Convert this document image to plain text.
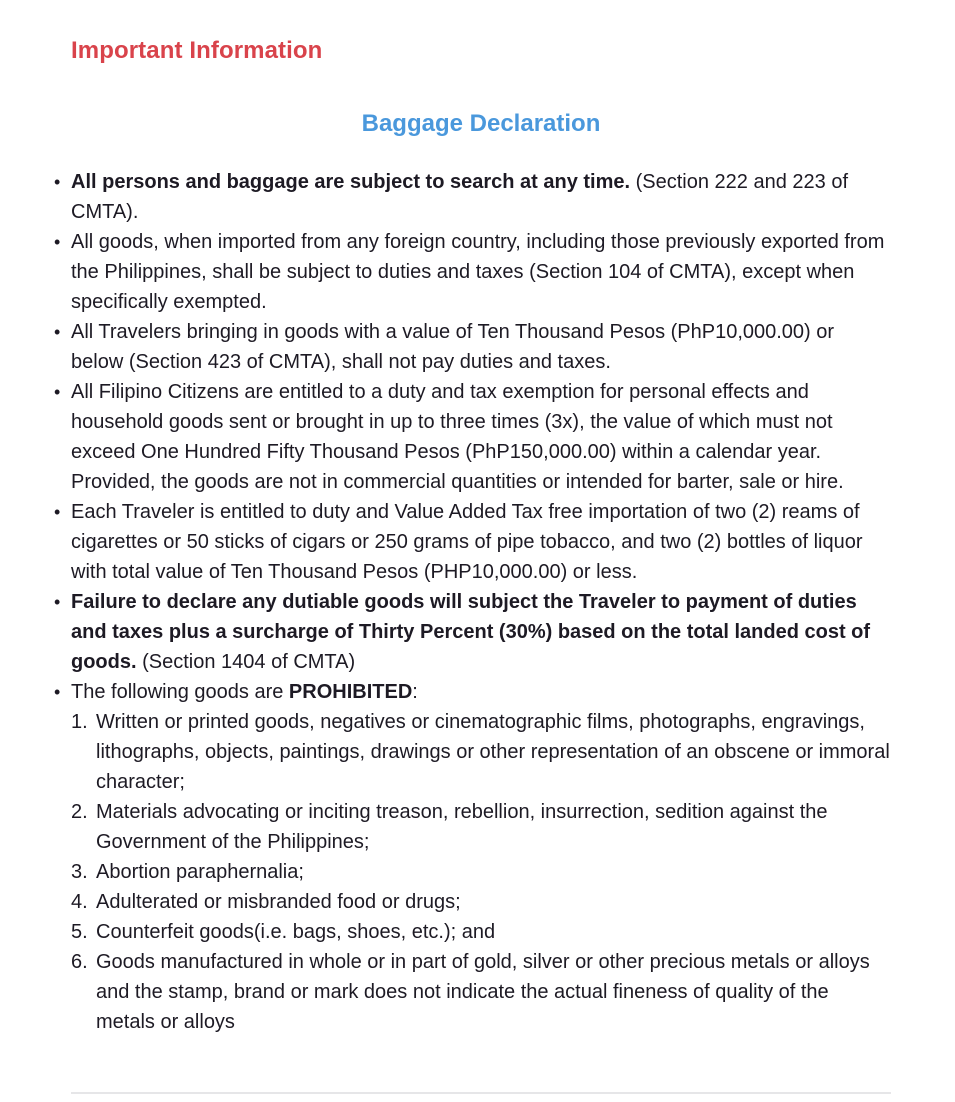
Important Information
Baggage Declaration
• All persons and baggage are subject to search at any time. (Section 222 and 223 of CMTA).
• All goods, when imported from any foreign country, including those previously exported from the Philippines, shall be subject to duties and taxes (Section 104 of CMTA), except when specifically exempted.
• All Travelers bringing in goods with a value of Ten Thousand Pesos (PhP10,000.00) or below (Section 423 of CMTA), shall not pay duties and taxes.
• All Filipino Citizens are entitled to a duty and tax exemption for personal effects and household goods sent or brought in up to three times (3x), the value of which must not exceed One Hundred Fifty Thousand Pesos (PhP150,000.00) within a calendar year. Provided, the goods are not in commercial quantities or intended for barter, sale or hire.
• Each Traveler is entitled to duty and Value Added Tax free importation of two (2) reams of cigarettes or 50 sticks of cigars or 250 grams of pipe tobacco, and two (2) bottles of liquor with total value of Ten Thousand Pesos (PHP10,000.00) or less.
• Failure to declare any dutiable goods will subject the Traveler to payment of duties and taxes plus a surcharge of Thirty Percent (30%) based on the total landed cost of goods. (Section 1404 of CMTA)
• The following goods are PROHIBITED:
1. Written or printed goods, negatives or cinematographic films, photographs, engravings, lithographs, objects, paintings, drawings or other representation of an obscene or immoral character;
2. Materials advocating or inciting treason, rebellion, insurrection, sedition against the Government of the Philippines;
3. Abortion paraphernalia;
4. Adulterated or misbranded food or drugs;
5. Counterfeit goods(i.e. bags, shoes, etc.); and
6. Goods manufactured in whole or in part of gold, silver or other precious metals or alloys and the stamp, brand or mark does not indicate the actual fineness of quality of the metals or alloys
